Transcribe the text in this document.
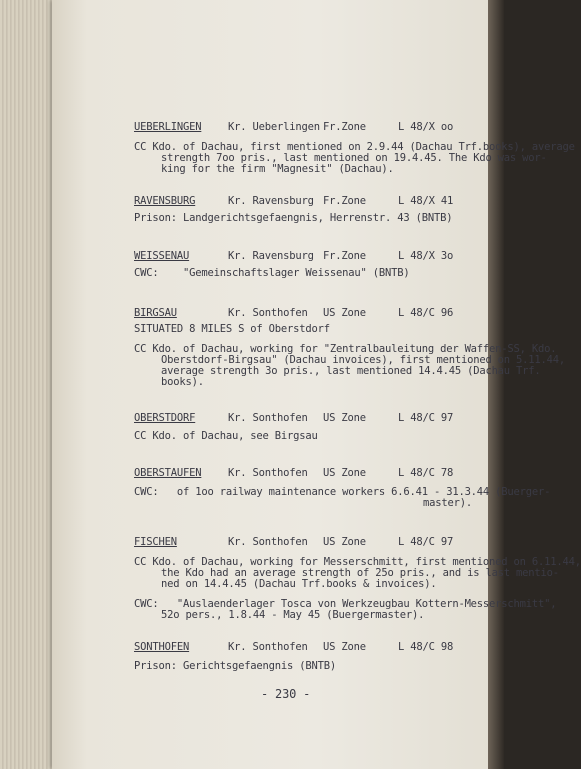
UEBERLINGEN	Kr. Ueberlingen Fr.Zone	L 48/X oo
CC Kdo. of Dachau, first mentioned on 2.9.44 (Dachau Trf.books), average
strength 7oo pris., last mentioned on 19.4.45. The Kdo was wor-
king for the firm "Magnesit" (Dachau).
RAVENSBURG	Kr. Ravensburg Fr.Zone	L 48/X 41
Prison: Landgerichtsgefaengnis, Herrenstr. 43 (BNTB)
WEISSENAU	Kr. Ravensburg Fr.Zone	L 48/X 3o
CWC:    "Gemeinschaftslager Weissenau" (BNTB)
BIRGSAU	Kr. Sonthofen US Zone	L 48/C 96
SITUATED 8 MILES S of Oberstdorf
CC Kdo. of Dachau, working for "Zentralbauleitung der Waffen-SS, Kdo.
Oberstdorf-Birgsau" (Dachau invoices), first mentioned on 5.11.44,
average strength 3o pris., last mentioned 14.4.45 (Dachau Trf.
books).
OBERSTDORF	Kr. Sonthofen US Zone	L 48/C 97
CC Kdo. of Dachau, see Birgsau
OBERSTAUFEN	Kr. Sonthofen US Zone	L 48/C 78
CWC:   of 1oo railway maintenance workers 6.6.41 - 31.3.44 (Buerger-
master).
FISCHEN	Kr. Sonthofen US Zone	L 48/C 97
CC Kdo. of Dachau, working for Messerschmitt, first mentioned on 6.11.44,
the Kdo had an average strength of 25o pris., and is last mentio-
ned on 14.4.45 (Dachau Trf.books & invoices).
CWC:   "Auslaenderlager Tosca von Werkzeugbau Kottern-Messerschmitt",
52o pers., 1.8.44 - May 45 (Buergermaster).
SONTHOFEN	Kr. Sonthofen US Zone	L 48/C 98
Prison: Gerichtsgefaengnis (BNTB)
- 230 -
